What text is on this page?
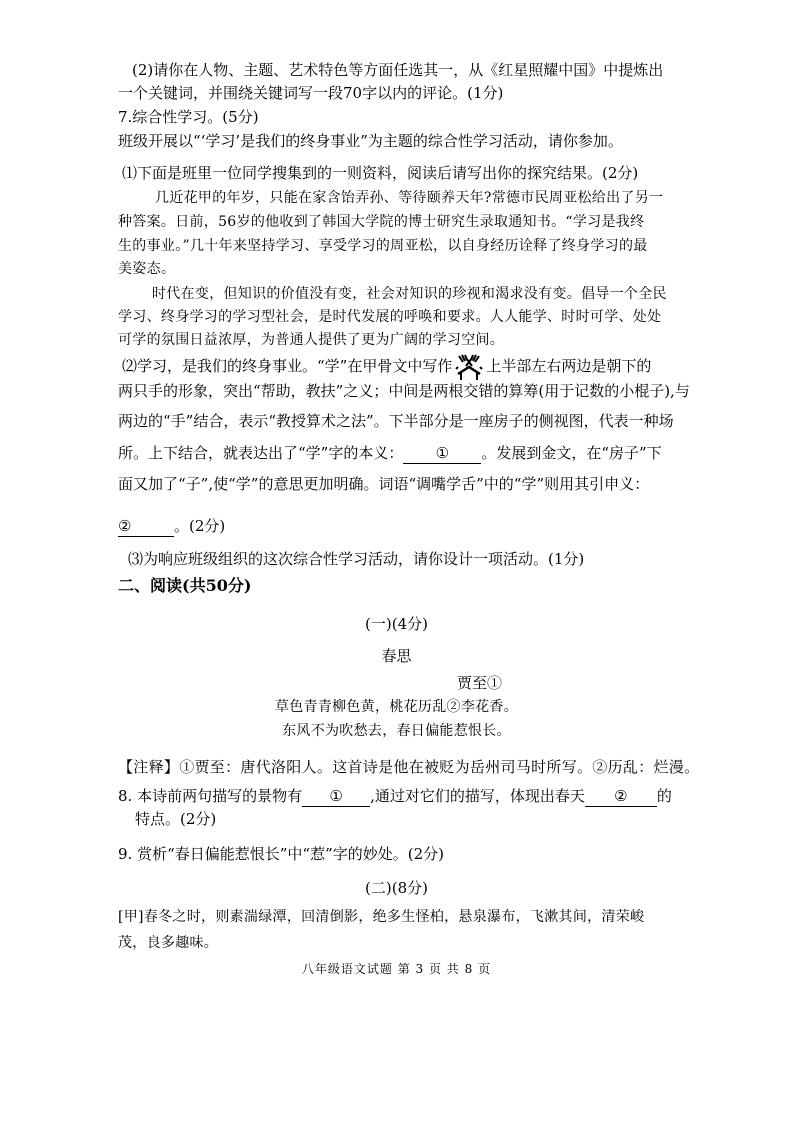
(2)请你在人物、主题、艺术特色等方面任选其一，从《红星照耀中国》中提炼出
一个关键词，并围绕关键词写一段70字以内的评论。(1分)
7.综合性学习。(5分)
班级开展以“‘学习’是我们的终身事业”为主题的综合性学习活动，请你参加。
⑴下面是班里一位同学搜集到的一则资料，阅读后请写出你的探究结果。(2分)
几近花甲的年岁，只能在家含饴弄孙、等待颐养天年?常德市民周亚松给出了另一
种答案。日前，56岁的他收到了韩国大学院的博士研究生录取通知书。“学习是我终
生的事业。”几十年来坚持学习、享受学习的周亚松，以自身经历诠释了终身学习的最
美姿态。
时代在变，但知识的价值没有变，社会对知识的珍视和渴求没有变。倡导一个全民
学习、终身学习的学习型社会，是时代发展的呼唤和要求。人人能学、时时可学、处处
可学的氛围日益浓厚，为普通人提供了更为广阔的学习空间。
⑵学习，是我们的终身事业。“学”在甲骨文中写作 上半部左右两边是朝下的
两只手的形象，突出“帮助，教扶”之义；中间是两根交错的算筹(用于记数的小棍子),与
两边的“手”结合，表示“教授算术之法”。下半部分是一座房子的侧视图，代表一种场
所。上下结合，就表达出了“学”字的本义： ① 。发展到金文，在“房子”下
面又加了“子”,使“学”的意思更加明确。词语“调嘴学舌”中的“学”则用其引申义：
②	。(2分)
⑶为响应班级组织的这次综合性学习活动，请你设计一项活动。(1分)
二、阅读(共50分)
(一)(4分)
春思
贾至①
草色青青柳色黄，桃花历乱②李花香。
东风不为吹愁去，春日偏能惹恨长。
【注释】①贾至：唐代洛阳人。这首诗是他在被贬为岳州司马时所写。②历乱：烂漫。
8. 本诗前两句描写的景物有 ① ,通过对它们的描写，体现出春天 ② 的
特点。(2分)
9. 赏析“春日偏能惹恨长”中“惹”字的妙处。(2分)
(二)(8分)
[甲]春冬之时，则素湍绿潭，回清倒影，绝多生怪柏，悬泉瀑布，飞漱其间，清荣峻
茂，良多趣味。
八年级语文试题 第 3 页 共 8 页
